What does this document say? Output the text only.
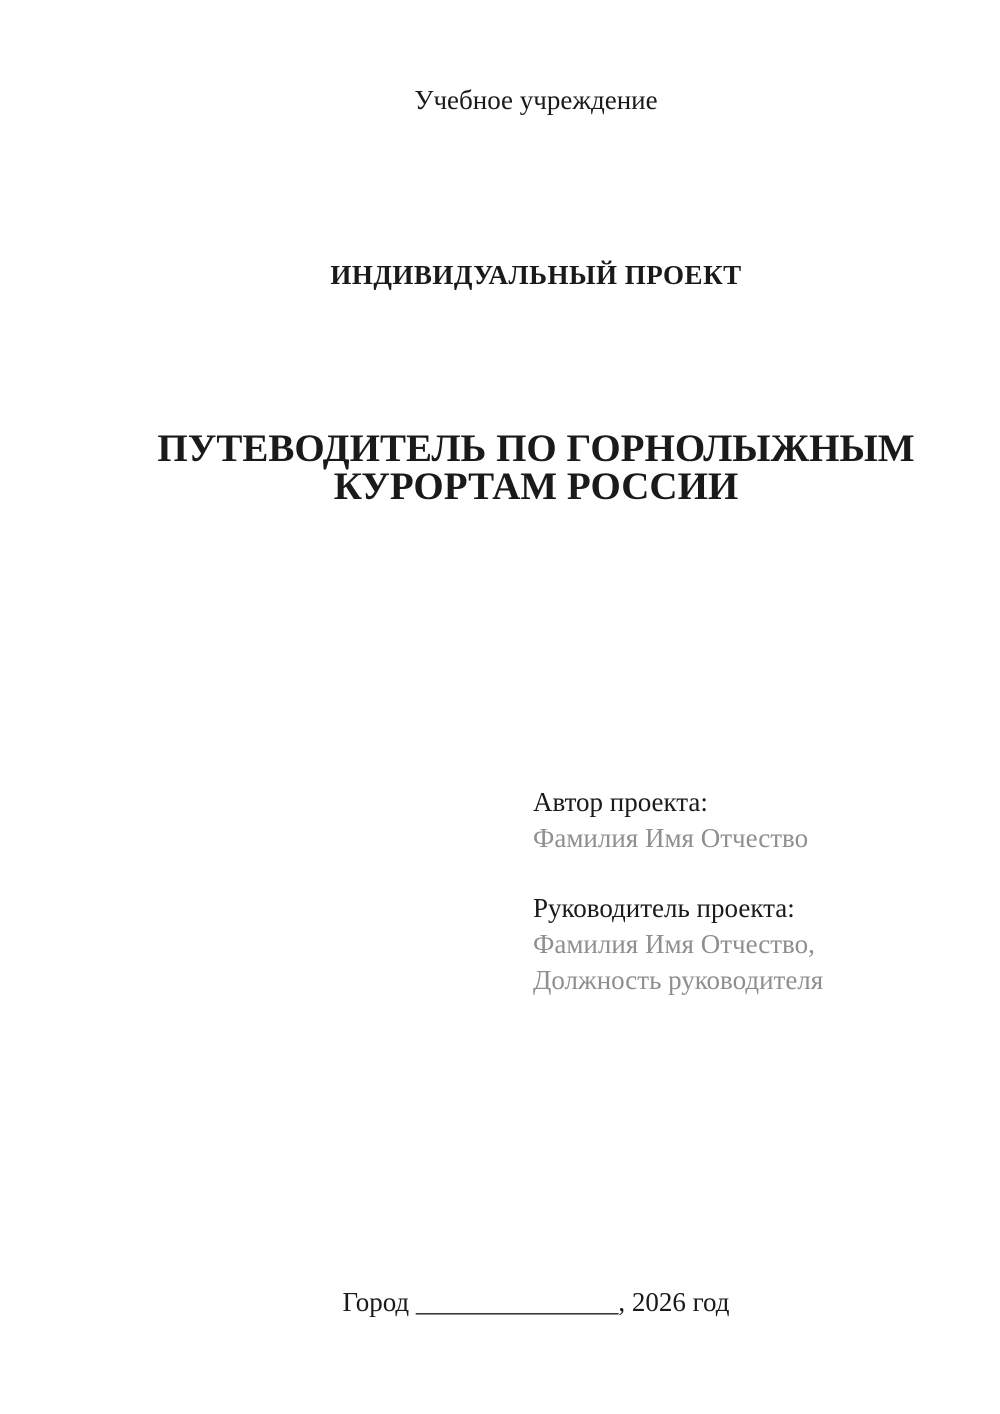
Учебное учреждение
ИНДИВИДУАЛЬНЫЙ ПРОЕКТ
ПУТЕВОДИТЕЛЬ ПО ГОРНОЛЫЖНЫМ КУРОРТАМ РОССИИ
Автор проекта:
Фамилия Имя Отчество
Руководитель проекта:
Фамилия Имя Отчество,
Должность руководителя
Город _______________, 2026 год
